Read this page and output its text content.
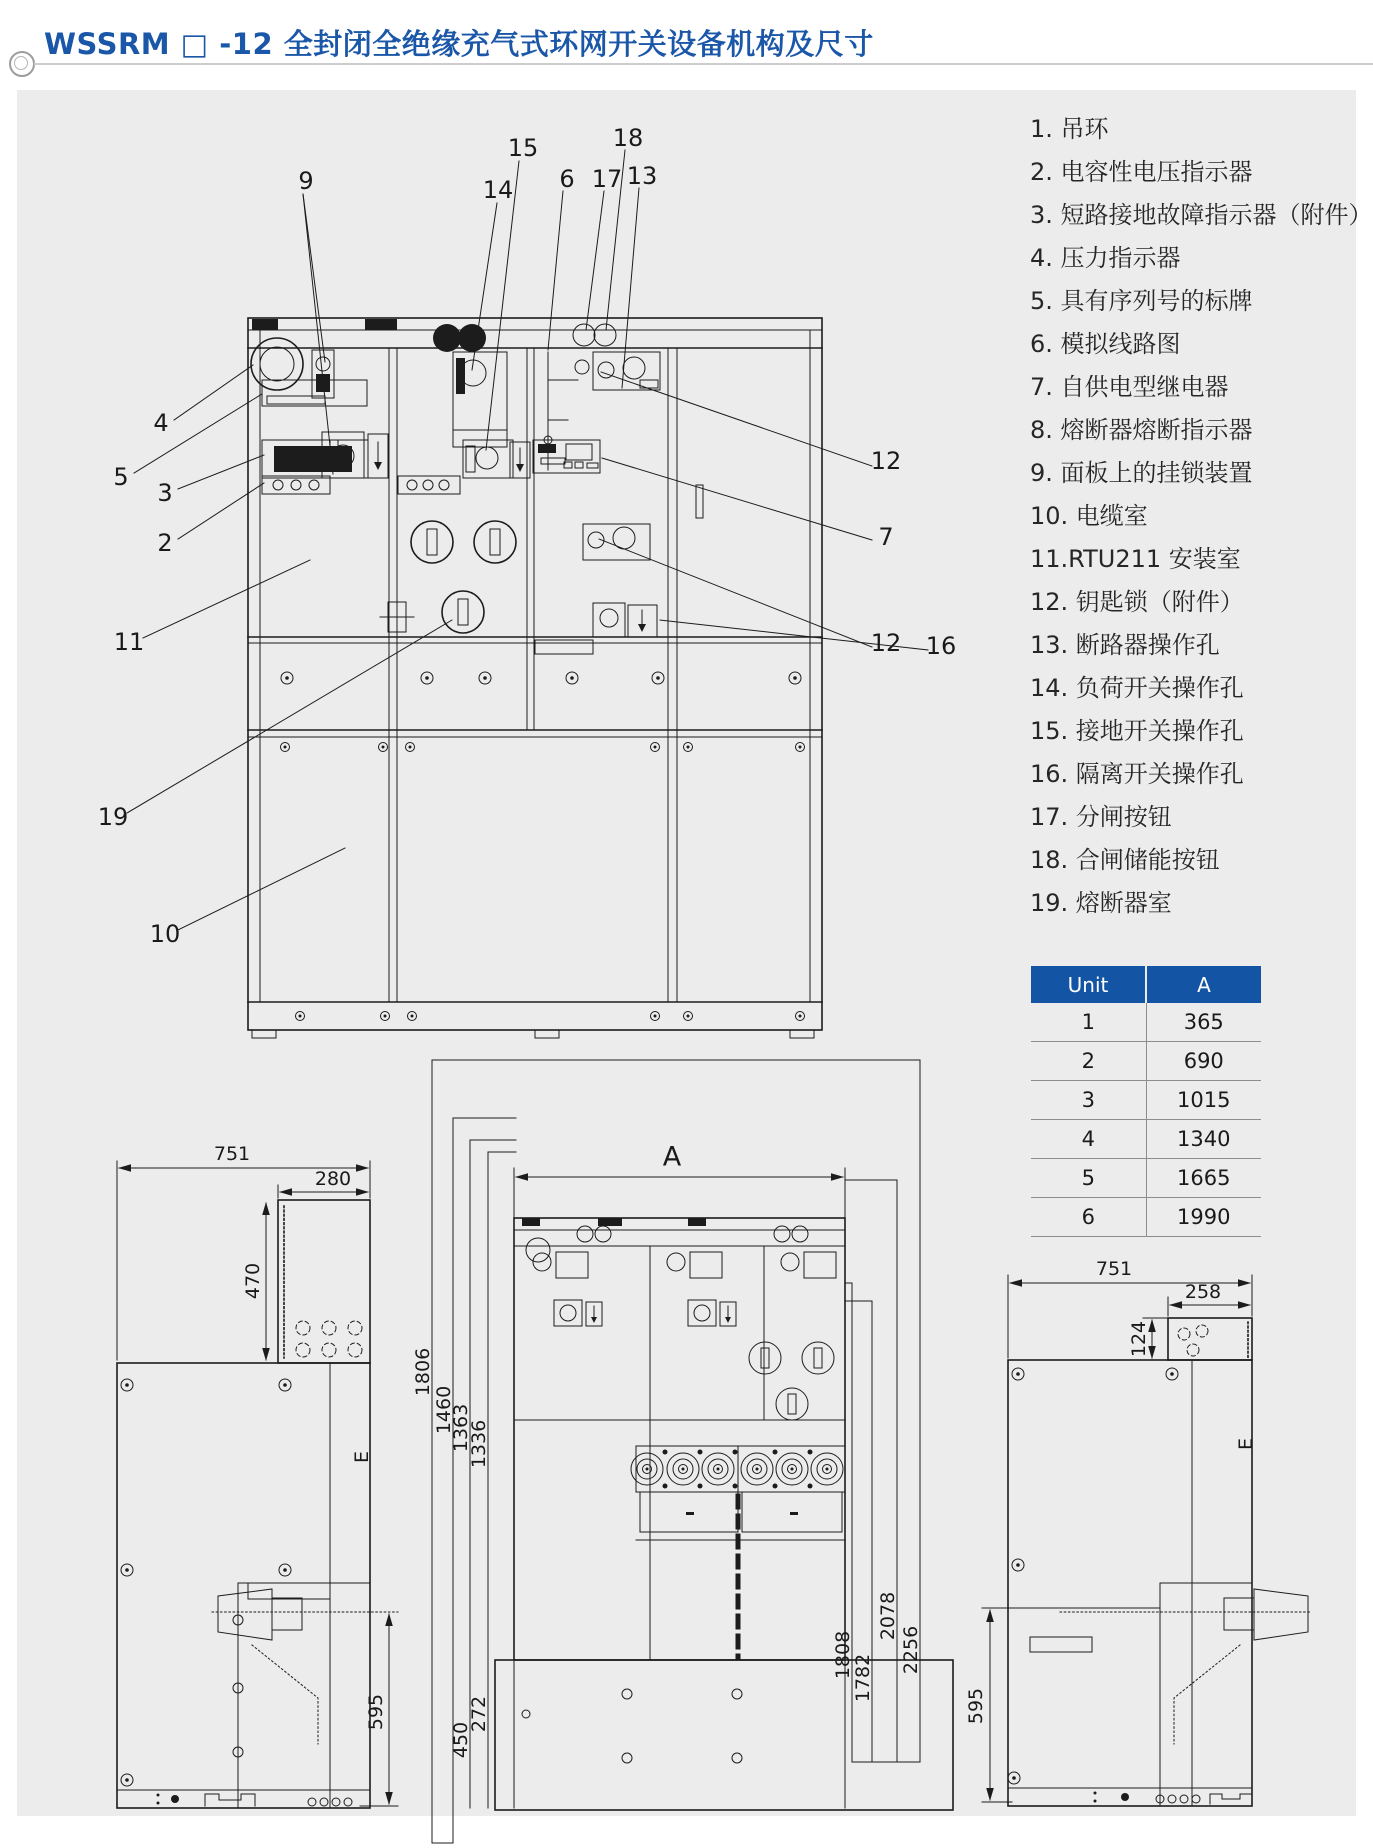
WSSRM □ -12 全封闭全绝缘充气式环网开关设备机构及尺寸
9	14
15
6 17
18
13
4
5
3
2
11
19
10
12
7
12 16
751
280
470
E
595
A
1806
1460
1363
1336
450
272
1808
1782
2078
2256
751
258
124
E
595
1. 吊环
2. 电容性电压指示器
3. 短路接地故障指示器（附件）
4. 压力指示器
5. 具有序列号的标牌
6. 模拟线路图
7. 自供电型继电器
8. 熔断器熔断指示器
9. 面板上的挂锁装置
10. 电缆室
11.RTU211 安装室
12. 钥匙锁（附件）
13. 断路器操作孔
14. 负荷开关操作孔
15. 接地开关操作孔
16. 隔离开关操作孔
17. 分闸按钮
18. 合闸储能按钮
19. 熔断器室
Unit	A
1	365
2	690
3	1015
4	1340
5	1665
6	1990
